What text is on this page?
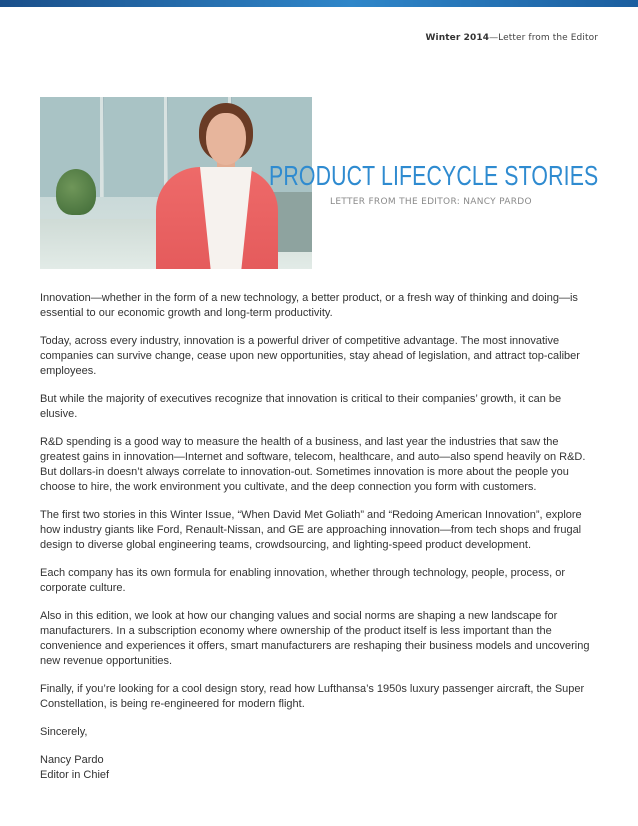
Winter 2014—Letter from the Editor
PRODUCT LIFECYCLE STORIES
LETTER FROM THE EDITOR: NANCY PARDO

Innovation—whether in the form of a new technology, a better product, or a fresh way of thinking and doing—is essential to our economic growth and long-term productivity.

Today, across every industry, innovation is a powerful driver of competitive advantage. The most innovative companies can survive change, cease upon new opportunities, stay ahead of legislation, and attract top-caliber employees.

But while the majority of executives recognize that innovation is critical to their companies’ growth, it can be elusive.

R&D spending is a good way to measure the health of a business, and last year the industries that saw the greatest gains in innovation—Internet and software, telecom, healthcare, and auto—also spend heavily on R&D. But dollars-in doesn’t always correlate to innovation-out. Sometimes innovation is more about the people you choose to hire, the work environment you cultivate, and the deep connection you form with customers.

The first two stories in this Winter Issue, “When David Met Goliath” and “Redoing American Innovation”, explore how industry giants like Ford, Renault-Nissan, and GE are approaching innovation—from tech shops and frugal design to diverse global engineering teams, crowdsourcing, and lighting-speed product development.

Each company has its own formula for enabling innovation, whether through technology, people, process, or corporate culture.

Also in this edition, we look at how our changing values and social norms are shaping a new landscape for manufacturers. In a subscription economy where ownership of the product itself is less important than the convenience and experiences it offers, smart manufacturers are reshaping their business models and uncovering new revenue opportunities.

Finally, if you’re looking for a cool design story, read how Lufthansa’s 1950s luxury passenger aircraft, the Super Constellation, is being re-engineered for modern flight.

Sincerely,

Nancy Pardo

Editor in Chief
